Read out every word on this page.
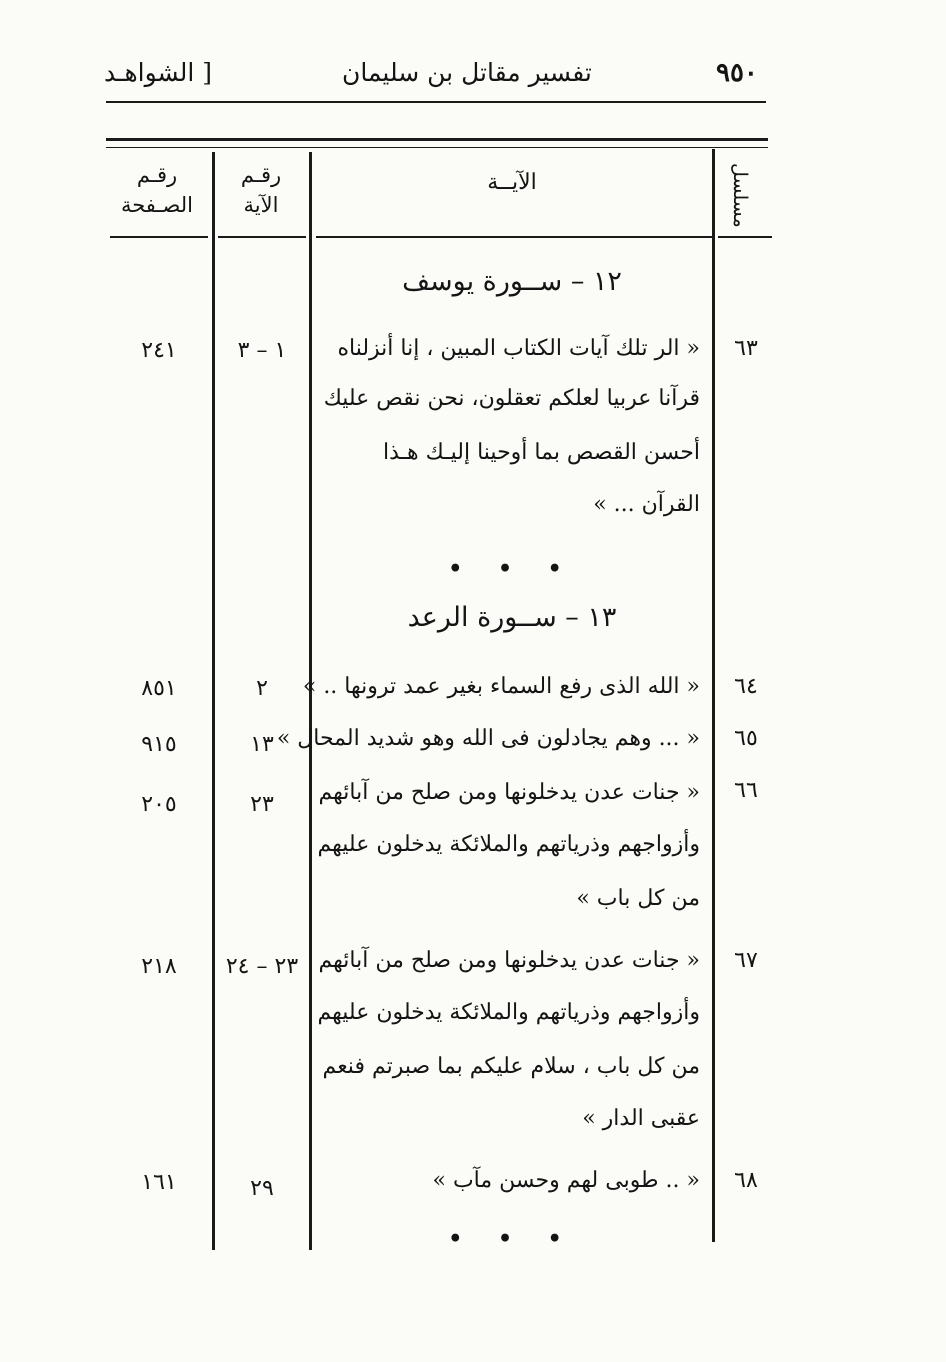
٩٥٠
تفسير مقاتل بن سليمان
[ الشواهـد
مسلسل
الآيــة
رقـم
الآية
رقـم
الصـفحة
١٢ – ســورة يوسف
٦٣
« الر تلك آيات الكتاب المبين ، إنا أنزلناه
قرآنا عربيا لعلكم تعقلون، نحن نقص عليك
أحسن القصص بما أوحينا إليـك هـذا
القرآن ... »
١ – ٣
٢٤١
• • •
١٣ – ســورة الرعد
٦٤
« الله الذى رفع السماء بغير عمد ترونها .. »
٢
٨٥١
٦٥
« ... وهم يجادلون فى الله وهو شديد المحال »
١٣
٩١٥
٦٦
« جنات عدن يدخلونها ومن صلح من آبائهم
وأزواجهم وذرياتهم والملائكة يدخلون عليهم
من كل باب »
٢٣
٢٠٥
٦٧
« جنات عدن يدخلونها ومن صلح من آبائهم
وأزواجهم وذرياتهم والملائكة يدخلون عليهم
من كل باب ، سلام عليكم بما صبرتم فنعم
عقبى الدار »
٢٣ – ٢٤
٢١٨
٦٨
« .. طوبى لهم وحسن مآب »
٢٩
١٦١
• • •
